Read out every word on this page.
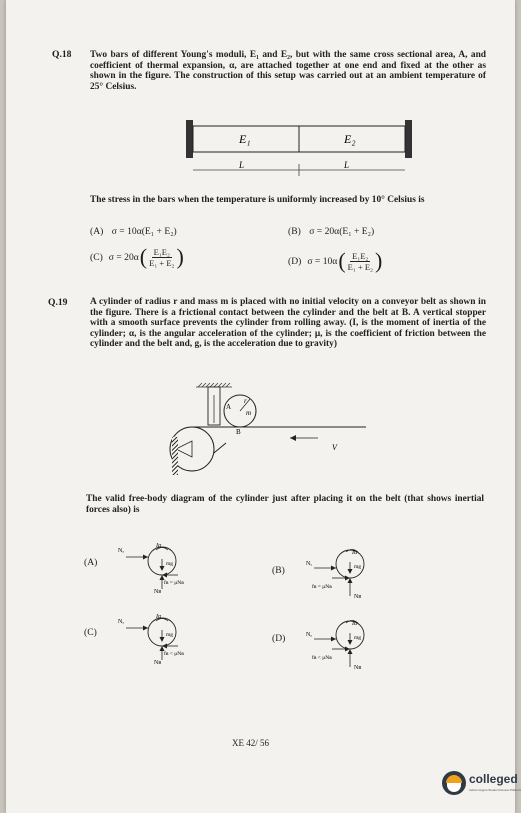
Q.18 Two bars of different Young's moduli, E₁ and E₂, but with the same cross sectional area, A, and coefficient of thermal expansion, α, are attached together at one end and fixed at the other as shown in the figure. The construction of this setup was carried out at an ambient temperature of 25° Celsius.
E₁	E₂
L	L
The stress in the bars when the temperature is uniformly increased by 10° Celsius is
(A) σ = 10α(E₁ + E₂)	(B) σ = 20α(E₁ + E₂)
(C) σ = 20α ( $\frac{\text{E₁E₂}}{\text{E₁ + E₂}}$ )	(D) σ = 10α ( $\frac{\text{E₁E₂}}{\text{E₁ + E₂}}$ )
Q.19 A cylinder of radius r and mass m is placed with no initial velocity on a conveyor belt as shown in the figure. There is a frictional contact between the cylinder and the belt at B. A vertical stopper with a smooth surface prevents the cylinder from rolling away. (I, is the moment of inertia of the cylinder; α, is the angular acceleration of the cylinder; μ, is the coefficient of friction between the cylinder and the belt and, g, is the acceleration due to gravity)
A
r
m
B
V
The valid free-body diagram of the cylinder just after placing it on the belt (that shows inertial forces also) is
(A)
(B)
(C)
(D)
Nₐ
Iα
mg
Nʙ
fʙ = μNʙ
Nₐ
Iα
mg
Nʙ
fʙ = μNʙ
Nₐ
Iα
mg
Nʙ
fʙ < μNʙ
Nₐ
Iα
mg
Nʙ
fʙ < μNʙ
XE 42/ 56
colleged
India's largest Student Review Platform
